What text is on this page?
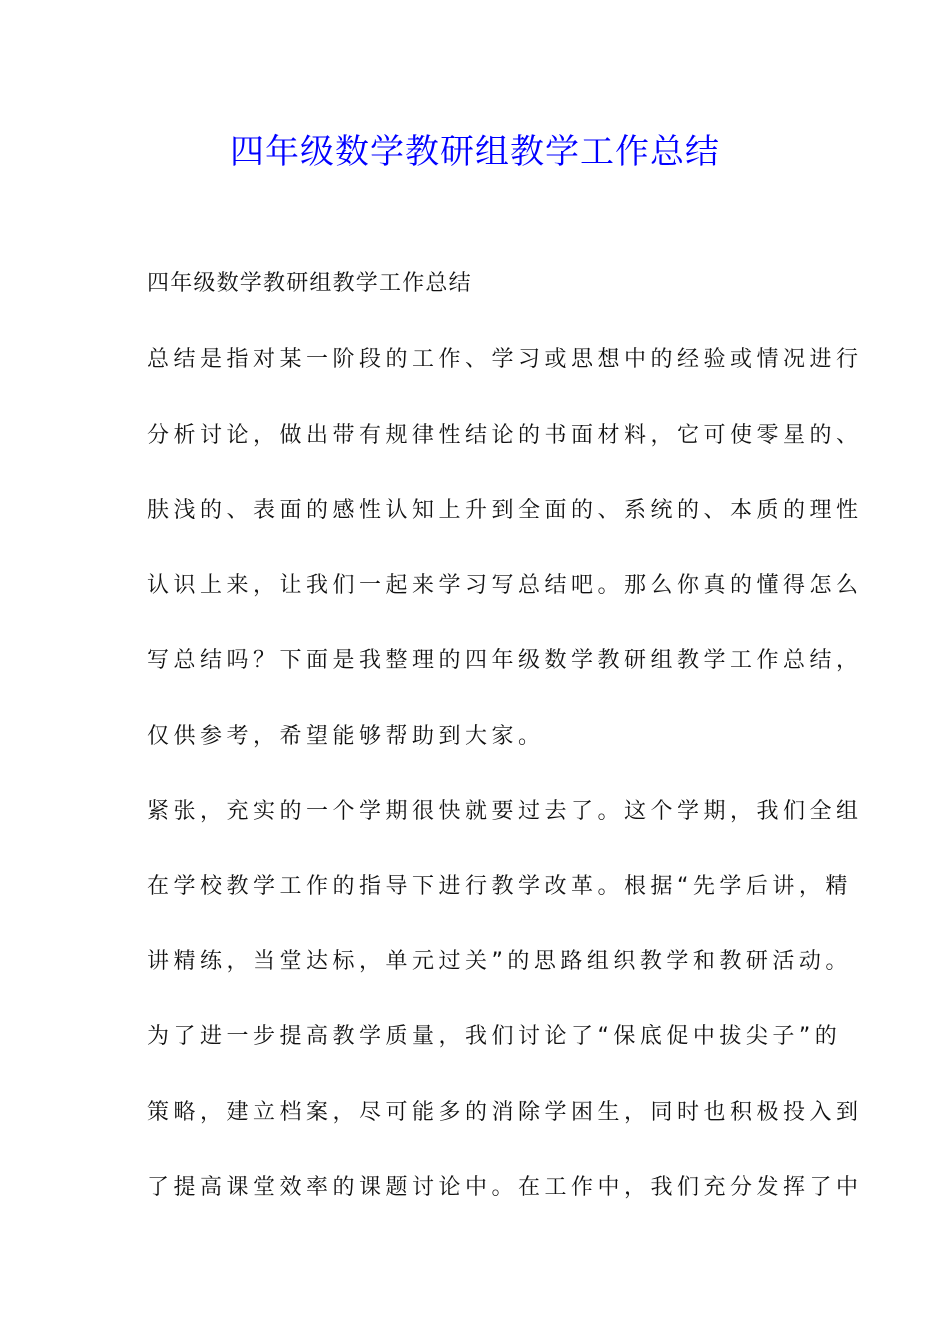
四年级数学教研组教学工作总结

四年级数学教研组教学工作总结

总结是指对某一阶段的工作、学习或思想中的经验或情况进行

分析讨论，做出带有规律性结论的书面材料，它可使零星的、

肤浅的、表面的感性认知上升到全面的、系统的、本质的理性

认识上来，让我们一起来学习写总结吧。那么你真的懂得怎么

写总结吗？下面是我整理的四年级数学教研组教学工作总结，

仅供参考，希望能够帮助到大家。

紧张，充实的一个学期很快就要过去了。这个学期，我们全组

在学校教学工作的指导下进行教学改革。根据“先学后讲，精

讲精练，当堂达标，单元过关”的思路组织教学和教研活动。

为了进一步提高教学质量，我们讨论了“保底促中拔尖子”的

策略，建立档案，尽可能多的消除学困生，同时也积极投入到

了提高课堂效率的课题讨论中。在工作中，我们充分发挥了中
